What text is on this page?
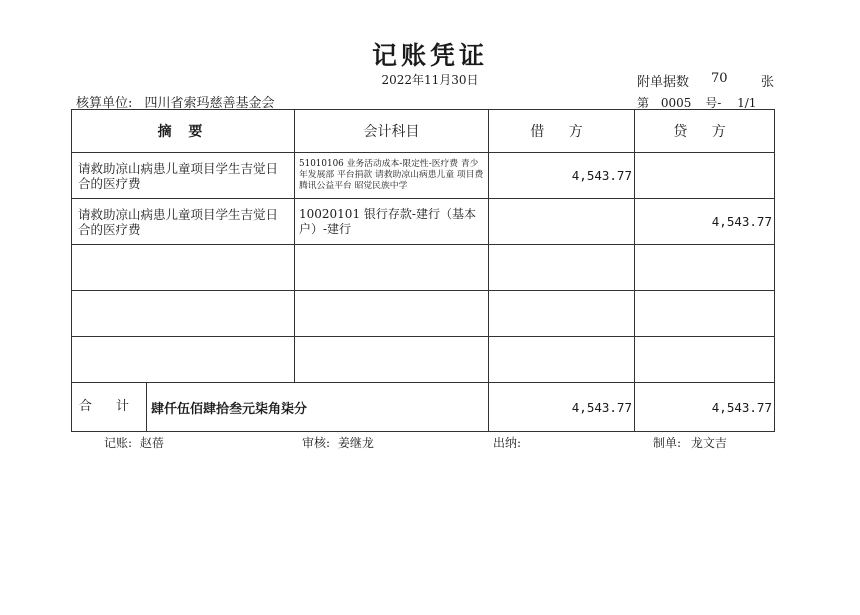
记账凭证
2022年11月30日	附单据数 70	张
核算单位: 四川省索玛慈善基金会	第 0005 号- 1/1
摘 要	会计科目	借 方	贷 方
请救助凉山病患儿童项目学生吉觉日合的医疗费	51010106 业务活动成本-限定性-医疗费 青少年发展部 平台捐款 请救助凉山病患儿童 项目费 腾讯公益平台 昭觉民族中学	4,543.77	
请救助凉山病患儿童项目学生吉觉日合的医疗费	10020101 银行存款-建行（基本户）-建行		4,543.77

合 计 肆仟伍佰肆拾叁元柒角柒分		4,543.77	4,543.77
记账: 赵蓓	审核: 姜继龙	出纳:	制单: 龙文吉
